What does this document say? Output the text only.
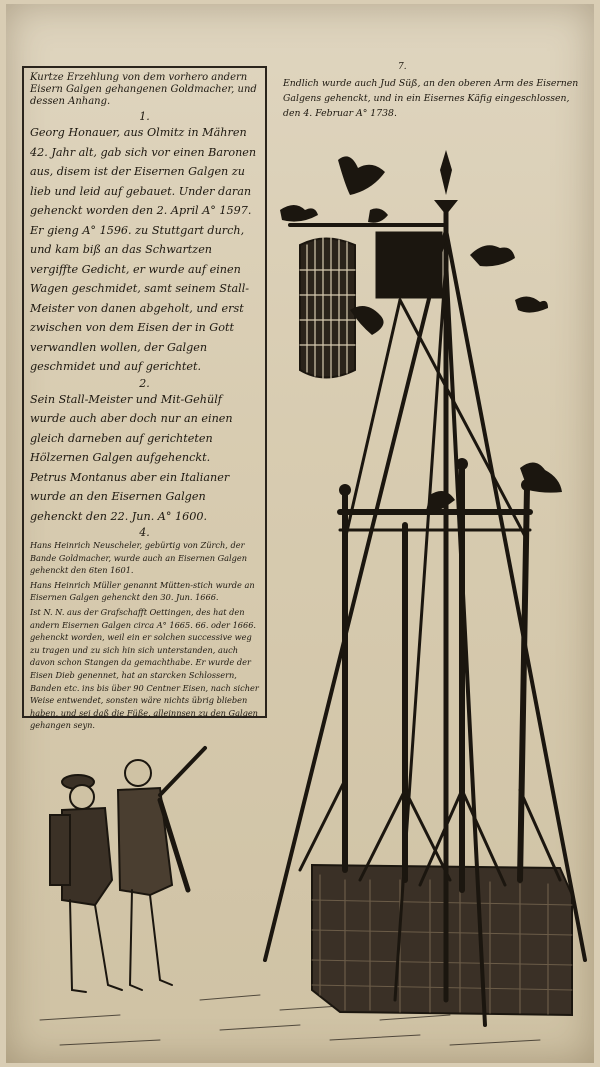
7.
Endlich wurde auch Jud Süß, an den oberen Arm des Eisernen Galgens gehenckt, und in ein Eisernes Käfig eingeschlossen, den 4. Februar A° 1738.
Kurtze Erzehlung von dem vorhero andern Eisern Galgen gehangenen Goldmacher, und dessen Anhang.
1.

Georg Honauer, aus Olmitz in Mähren 42. Jahr alt, gab sich vor einen Baronen aus, disem ist der Eisernen Galgen zu lieb und leid auf gebauet. Under daran gehenckt worden den 2. April A° 1597. Er gieng A° 1596. zu Stuttgart durch, und kam biß an das Schwartzen vergiffte Gedicht, er wurde auf einen Wagen geschmidet, samt seinem Stall-Meister von danen abgeholt, und erst zwischen von dem Eisen der in Gott verwandlen wollen, der Galgen geschmidet und auf gerichtet.

2.

Sein Stall-Meister und Mit-Gehülf wurde auch aber doch nur an einen gleich darneben auf gerichteten Hölzernen Galgen aufgehenckt.

Petrus Montanus aber ein Italianer wurde an den Eisernen Galgen gehenckt den 22. Jun. A° 1600.

4.

Hans Heinrich Neuscheler, gebürtig von Zürch, der Bande Goldmacher, wurde auch an Eisernen Galgen gehenckt den 6ten 1601.

Hans Heinrich Müller genannt Mütten-stich wurde an Eisernen Galgen gehenckt den 30. Jun. 1666.

Ist N. N. aus der Grafschafft Oettingen, des hat den andern Eisernen Galgen circa A° 1665. 66. oder 1666. gehenckt worden, weil ein er solchen successive weg zu tragen und zu sich hin sich unterstanden, auch davon schon Stangen da gemachthabe. Er wurde der Eisen Dieb genennet, hat an starcken Schlossern, Banden etc. ins bis über 90 Centner Eisen, nach sicher Weise entwendet, sonsten wäre nichts übrig blieben haben, und sei daß die Füße, alleinnsen zu den Galgen gehangen seyn.
